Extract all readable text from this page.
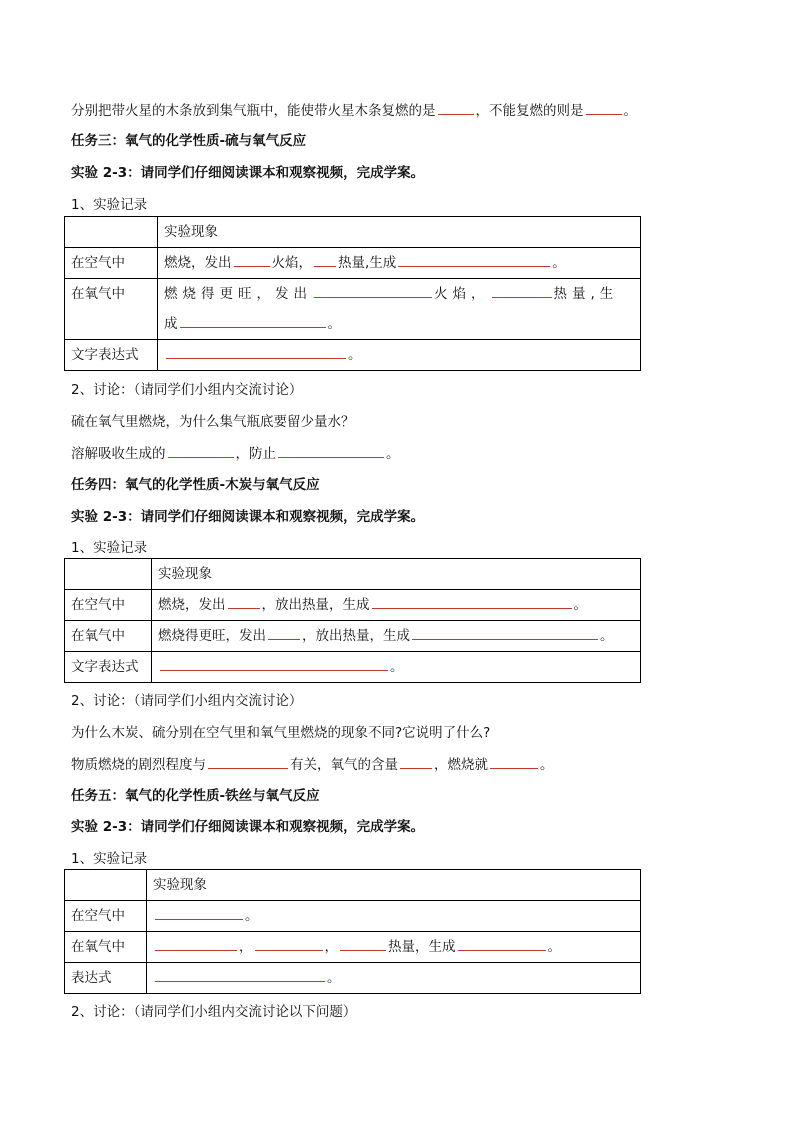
分别把带火星的木条放到集气瓶中，能使带火星木条复燃的是	，不能复燃的则是	。
任务三：氧气的化学性质-硫与氧气反应
实验 2-3：请同学们仔细阅读课本和观察视频，完成学案。
1、实验记录
	实验现象
在空气中	燃烧，发出 火焰， 热量,生成 。
在氧气中	燃烧得更旺，发出 火焰， 热量,生
成 。

文字表达式	。
2、讨论：（请同学们小组内交流讨论）
硫在氧气里燃烧，为什么集气瓶底要留少量水？
溶解吸收生成的	，防止	。
任务四：氧气的化学性质-木炭与氧气反应
实验 2-3：请同学们仔细阅读课本和观察视频，完成学案。
1、实验记录
	实验现象
在空气中	燃烧，发出 ，放出热量，生成 。
在氧气中	燃烧得更旺，发出 ，放出热量，生成 。
文字表达式	。
2、讨论：（请同学们小组内交流讨论）
为什么木炭、硫分别在空气里和氧气里燃烧的现象不同?它说明了什么?
物质燃烧的剧烈程度与	有关，氧气的含量	，燃烧就	。
任务五：氧气的化学性质-铁丝与氧气反应
实验 2-3：请同学们仔细阅读课本和观察视频，完成学案。
1、实验记录
	实验现象
在空气中	。
在氧气中	， ， 热量，生成 。
表达式	。
2、讨论：（请同学们小组内交流讨论以下问题）
